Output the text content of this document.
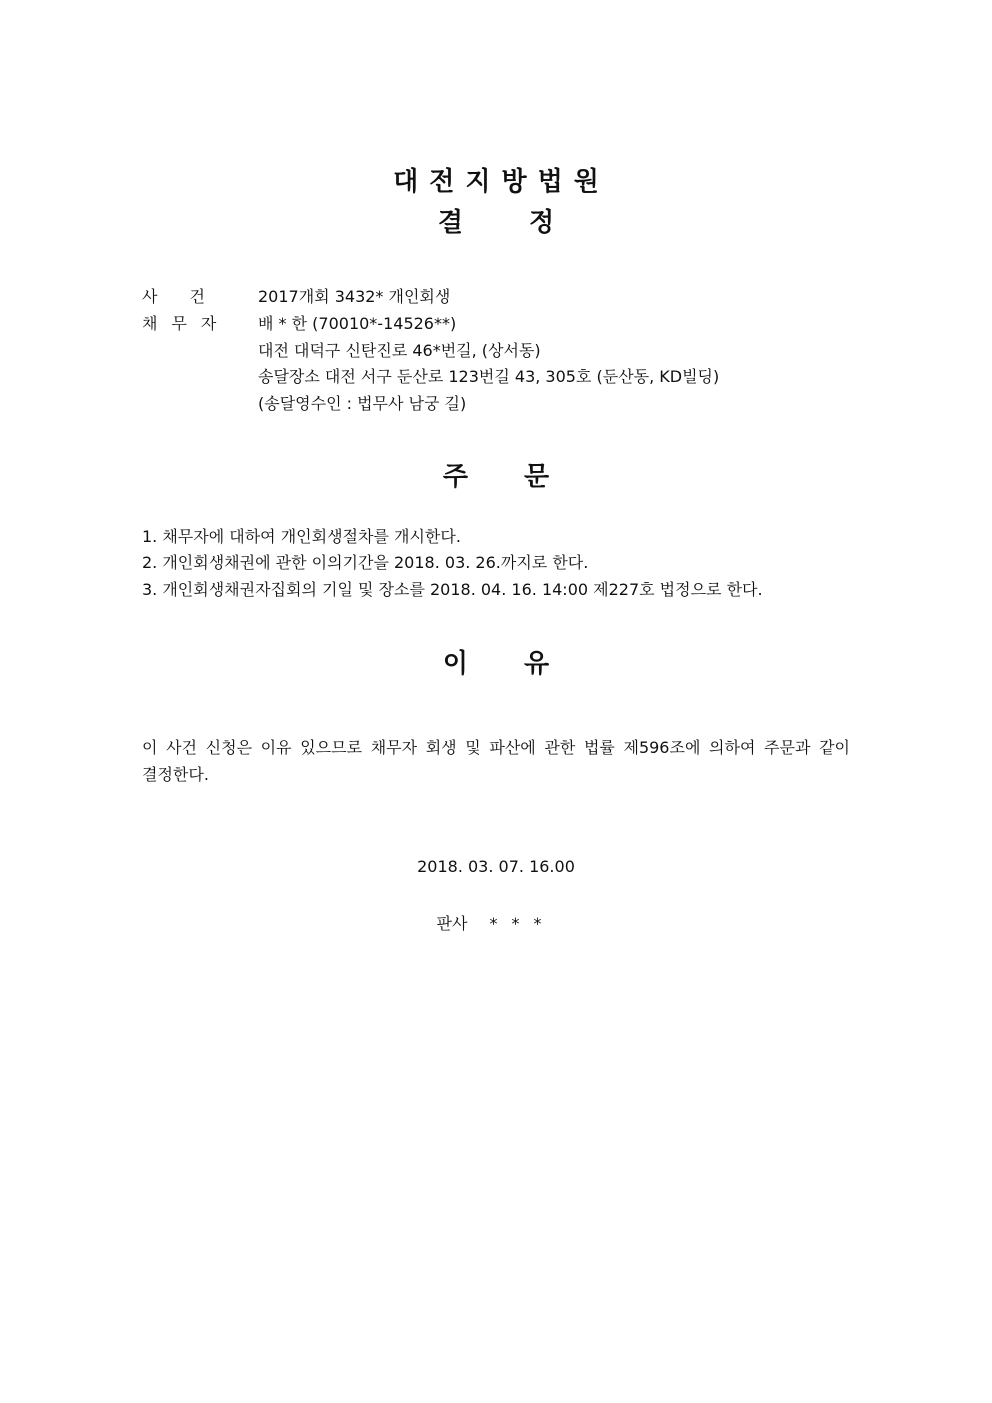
대전지방법원
결정
사건 2017개회 3432* 개인회생
채무자 배 * 한 (70010*-14526**)
대전 대덕구 신탄진로 46*번길, (상서동)
송달장소 대전 서구 둔산로 123번길 43, 305호 (둔산동, KD빌딩)
(송달영수인 : 법무사 남궁 길)
주문
1. 채무자에 대하여 개인회생절차를 개시한다.
2. 개인회생채권에 관한 이의기간을 2018. 03. 26.까지로 한다.
3. 개인회생채권자집회의 기일 및 장소를 2018. 04. 16. 14:00 제227호 법정으로 한다.
이유
이 사건 신청은 이유 있으므로 채무자 회생 및 파산에 관한 법률 제596조에 의하여 주문과 같이 결정한다.
2018. 03. 07. 16.00
판사 ***
